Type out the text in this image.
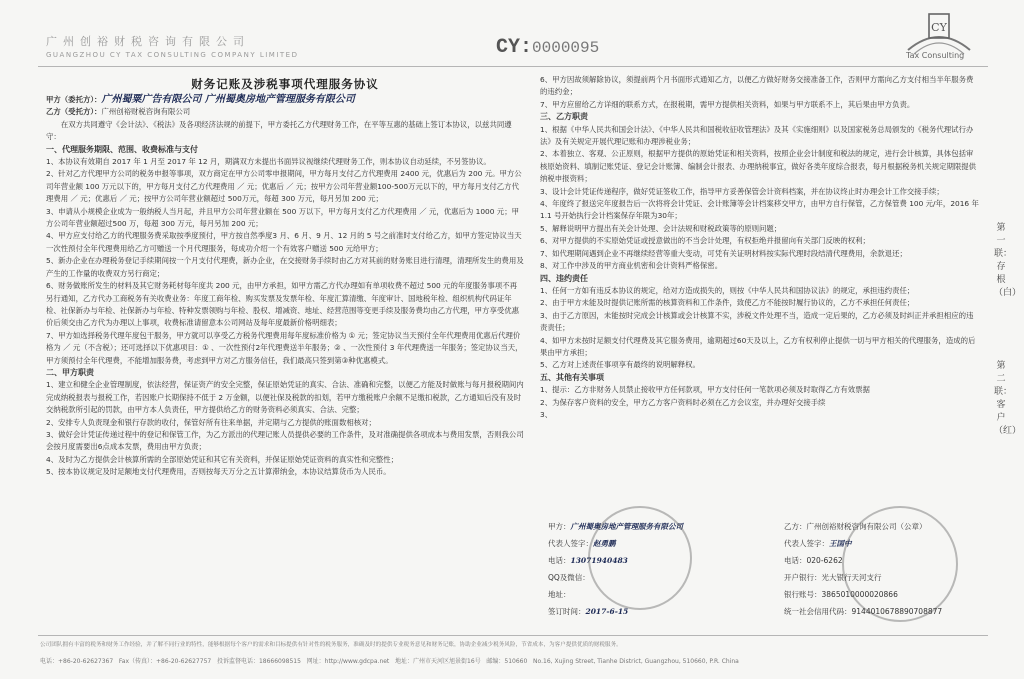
广州创裕财税咨询有限公司
GUANGZHOU CY TAX CONSULTING COMPANY LIMITED	CY:0000095
CY
Tax Consulting
财务记账及涉税事项代理服务协议

甲方（委托方）：广州蜀粟广告有限公司 广州蜀奥房地产管理服务有限公司

乙方（受托方）：广州创裕财税咨询有限公司

在双方共同遵守《会计法》、《税法》及各项经济法规的前提下，甲方委托乙方代理财务工作，在平等互惠的基础上签订本协议，以兹共同遵守：

一、代理服务期限、范围、收费标准与支付

1、本协议有效期自 2017 年 1 月至 2017 年 12 月，期满双方未提出书面异议视继续代理财务工作，则本协议自动延续，不另签协议。

2、针对乙方代理甲方公司的税务申报等事项，双方商定在甲方公司零申报期间，甲方每月支付乙方代理费用 2400 元，优惠后为 200 元。甲方公司年营业额 100 万元以下的，甲方每月支付乙方代理费用 ／ 元；优惠后 ／ 元；按甲方公司年营业额100-500万元以下的，甲方每月支付乙方代理费用 ／ 元；优惠后 ／ 元；按甲方公司年营业额超过 500万元，每超 300 万元，每月另加 200 元；

3、申请从小规模企业成为一般纳税人当月起，并且甲方公司年营业额在 500 万以下，甲方每月支付乙方代理费用 ／ 元，优惠后为 1000 元；甲方公司年营业额超过500 万，每超 300 万元，每月另加 200 元；

4、甲方应支付给乙方的代理服务费采取按季度预付，甲方按自然季度3 月、6 月、9 月、12 月的 5 号之前准时支付给乙方，如甲方签定协议当天一次性预付全年代理费用给乙方可赠送一个月代理服务，每成功介绍一个有效客户赠送 500 元给甲方；

5、新办企业在办理税务登记手续期间按一个月支付代理费，新办企业，在交接财务手续时由乙方对其前的财务账目进行清理，清理所发生的费用及产生的工作量的收费双方另行商定；

6、财务做账所发生的材料及其它财务耗材每年度共 200 元，由甲方承担，如甲方需乙方代办理如有单项收费不超过 500 元的年度服务事项不再另行通知，乙方代办工商税务有关收费业务：年度工商年检、购买发票及发票年检、年度汇算清缴、年度审计、国地税年检、组织机构代码证年检、社保新办与年检、社保新办与年检、特种发票领购与年检、股权、增减资、地址、经营范围等变更手续及服务费均由乙方代理，甲方享受优惠价后须交由乙方代为办理以上事项，收费标准请留意本公司网站及每年度最新价格明细表；

7、甲方如选择税务代理年度包干服务，甲方就可以享受乙方税务代理费用每年度标准价格为 ① 元；签定协议当天预付全年代理费用优惠后代理价格为 ／ 元（不含税）；还可选择以下优惠项目：① 、一次性预付2年代理费送半年服务；② 、一次性预付 3 年代理费送一年服务；签定协议当天，甲方须预付全年代理费，不能增加服务费，考虑到甲方对乙方服务信任，我们最高只签到第③种优惠模式。

二、甲方职责

1、建立和健全企业管理制度，依法经营，保证资产的安全完整，保证原始凭证的真实、合法、准确和完整，以便乙方能及时做账与每月报税期间内完成纳税报表与报税工作，若因账户长期保持不低于 2 万金额，以便社保及税款的扣划，若甲方缴税账户余额不足缴扣税款，乙方通知后没有及时交纳税款所引起的罚款，由甲方本人负责任，甲方提供给乙方的财务资料必须真实、合法、完整；

2、安排专人负责现金和银行存款的收付，保管好所有往来单据，并定期与乙方提供的账面数相核对；

3、做好会计凭证传递过程中的登记和保管工作，为乙方派出的代理记账人员提供必要的工作条件，及对准确提供各项成本与费用发票，否则我公司会按月度需要出6点成本发票，费用由甲方负责；

4、及时为乙方提供会计核算所需的全部原始凭证和其它有关资料，并保证原始凭证资料的真实性和完整性；

5、按本协议规定及时足额地支付代理费用，否则按每天万分之五计算滞纳金，本协议结算货币为人民币。

6、甲方因故须解除协议，须提前两个月书面形式通知乙方，以便乙方做好财务交接准备工作，否则甲方需向乙方支付相当半年服务费的违约金；

7、甲方应留给乙方详细的联系方式，在报税期，需甲方提供相关资料，如果与甲方联系不上，其后果由甲方负责。

三、乙方职责

1、根据《中华人民共和国会计法》、《中华人民共和国税收征收管理法》及其《实施细则》以及国家税务总局颁发的《税务代理试行办法》及有关规定开展代理记账和办理涉税业务；

2、本着独立、客观、公正原则，根据甲方提供的原始凭证和相关资料，按照企业会计制度和税法的规定，进行会计核算，具体包括审核原始资料、填制记账凭证、登记会计账簿、编制会计报表、办理纳税事宜，做好各类年度综合报表，每月根据税务机关规定期限提供纳税申报资料；

3、设计会计凭证传递程序，做好凭证签收工作，指导甲方妥善保管会计资料档案，并在协议终止时办理会计工作交接手续；

4、年度终了报送完年度报告后一次将将会计凭证、会计账簿等会计档案移交甲方，由甲方自行保管，乙方保管费 100 元/年，2016 年 1.1 号开始执行会计档案保存年限为30年；

5、解释说明甲方提出有关会计处理、会计法规和财税政策等的原则问题；

6、对甲方提供的不实原始凭证或授意做出的不当会计处理，有权拒绝并报留向有关部门反映的权利；

7、如代理期间遇到企业不再继续经营等重大变动，可凭有关证明材料按实际代理时段结清代理费用，余款退还；

8、对工作中涉及的甲方商业机密和会计资料严格保密。

四、违约责任

1、任何一方如有违反本协议的规定，给对方造成损失的，则按《中华人民共和国协议法》的规定，承担违约责任；

2、由于甲方未能及时提供记账所需的核算资料和工作条件，致使乙方不能按时履行协议的，乙方不承担任何责任；

3、由于乙方原因，未能按时完成会计核算或会计核算不实，涉税文件处理不当，造成一定后果的，乙方必须及时纠正并承担相应的违责责任；

4、如甲方未按时足额支付代理费及其它服务费用，逾期超过60天及以上，乙方有权利停止提供一切与甲方相关的代理服务，造成的后果由甲方承担；

5、乙方对上述责任事项享有最终的说明解释权。

五、其他有关事项

1、提示：乙方非财务人员禁止接收甲方任何款项，甲方支付任何一笔款项必须及时取得乙方有效票据

2、为保存客户资料的安全，甲方乙方客户资料时必须在乙方会议室，并办理好交接手续

3、

甲方：广州蜀奥房地产管理服务有限公司
代表人签字：赵勇鹏
电话：13071940483
QQ及微信：
地址：
签订时间：2017-6-15
乙方：广州创裕财税咨询有限公司（公章）
代表人签字：王国中
电话：020-6262
开户银行：光大银行天河支行
银行账号：3865010000020866
统一社会信用代码：9144010678890708877
第一联：存根（白）
第二联：客户（红）
公司团队拥有丰富的税务和财务工作经验，并了解不同行业的特性，能够根据每个客户的需求和目标提供有针对性的税务服务，准确及时的提供专业税务意见和财务记账，协助企业减少税务风险，节省成本，为客户提供优质的财税服务。
电话：+86-20-62627367 Fax（传真）：+86-20-62627757 投诉监督电话：18666098515 网址：http://www.gdcpa.net 地址：广州市天河区旭景街16号 邮编：510660 No.16, Xujing Street, Tianhe District, Guangzhou, 510660, P.R. China
